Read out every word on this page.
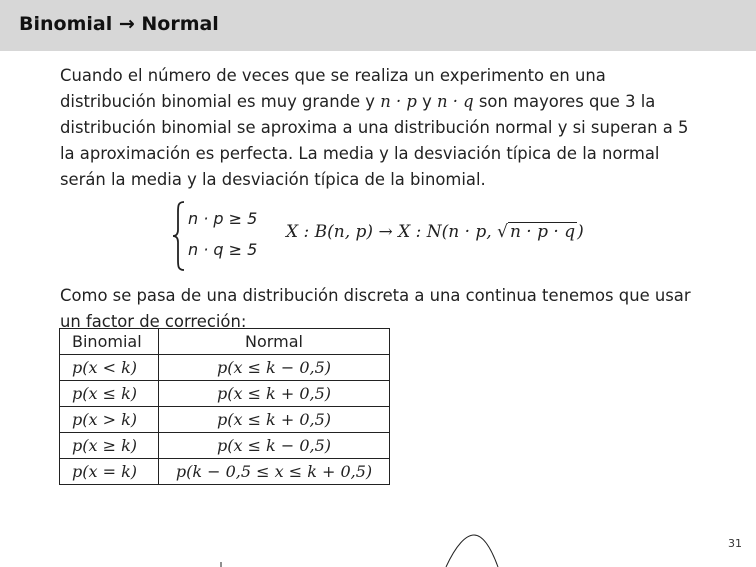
Binomial → Normal
Cuando el número de veces que se realiza un experimento en una distribución binomial es muy grande y n · p y n · q son mayores que 3 la distribución binomial se aproxima a una distribución normal y si superan a 5 la aproximación es perfecta. La media y la desviación típica de la normal serán la media y la desviación típica de la binomial.
n · p ≥ 5
n · q ≥ 5
X : B(n, p) → X : N(n · p, √ n · p · q )
Como se pasa de una distribución discreta a una continua tenemos que usar un factor de correción:
Binomial	Normal
p(x < k)	p(x ≤ k − 0,5)
p(x ≤ k)	p(x ≤ k + 0,5)
p(x > k)	p(x ≤ k + 0,5)
p(x ≥ k)	p(x ≤ k − 0,5)
p(x = k)	p(k − 0,5 ≤ x ≤ k + 0,5)
31
